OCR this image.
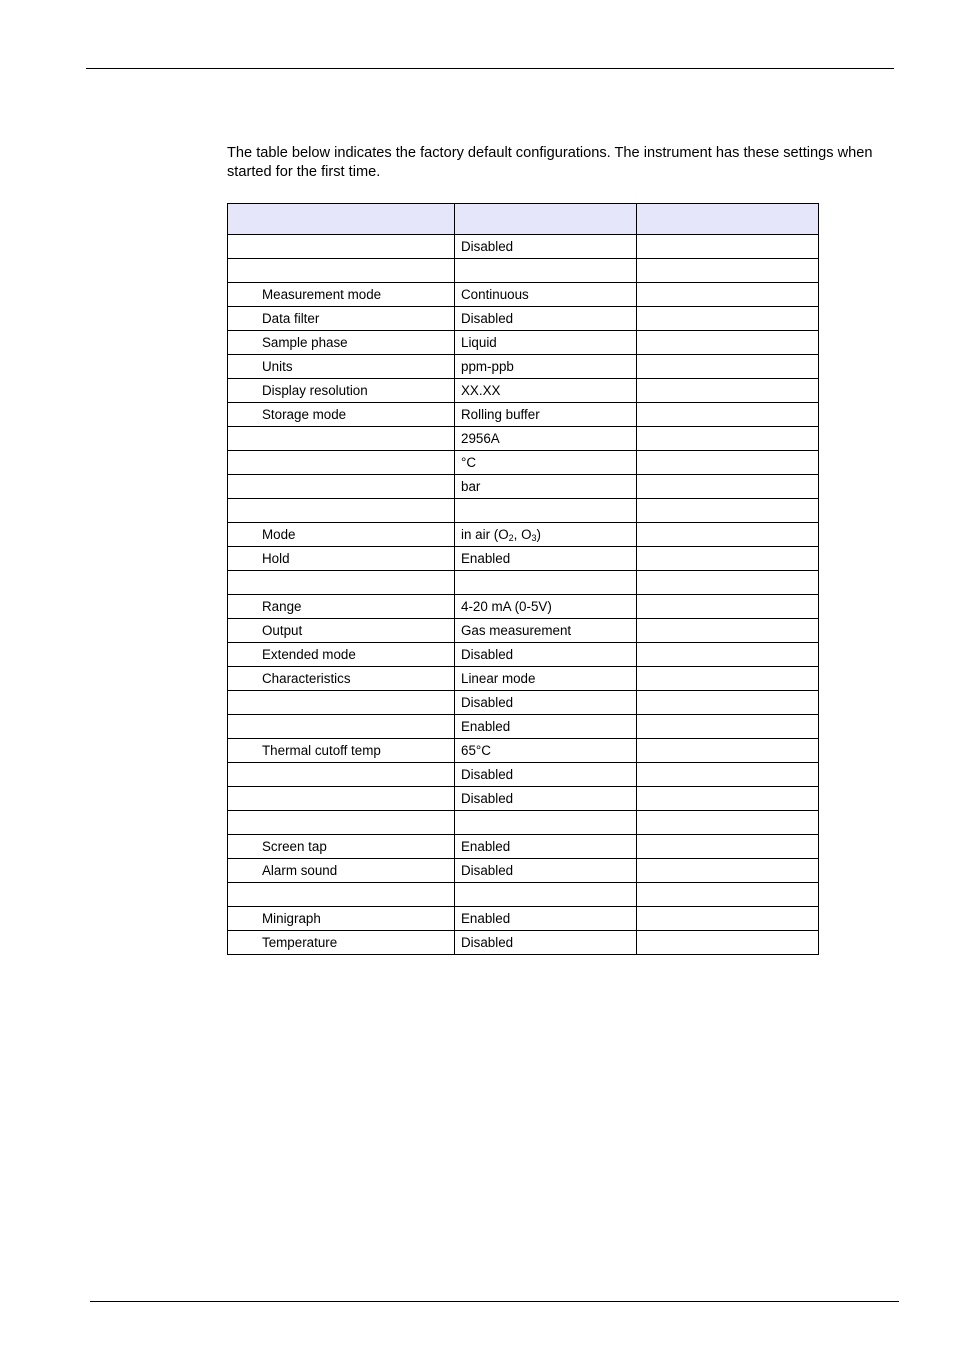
The table below indicates the factory default configurations. The instrument has these settings when started for the first time.

	Disabled	

Measurement mode	Continuous	
Data filter	Disabled	
Sample phase	Liquid	
Units	ppm-ppb	
Display resolution	XX.XX	
Storage mode	Rolling buffer	
	2956A	
	°C	
	bar	

Mode	in air ($O_2$, $O_3$)	
Hold	Enabled	

Range	4-20 mA (0-5V)	
Output	Gas measurement	
Extended mode	Disabled	
Characteristics	Linear mode	
	Disabled	
	Enabled	
Thermal cutoff temp	65°C	
	Disabled	
	Disabled	

Screen tap	Enabled	
Alarm sound	Disabled	

Minigraph	Enabled	
Temperature	Disabled	
